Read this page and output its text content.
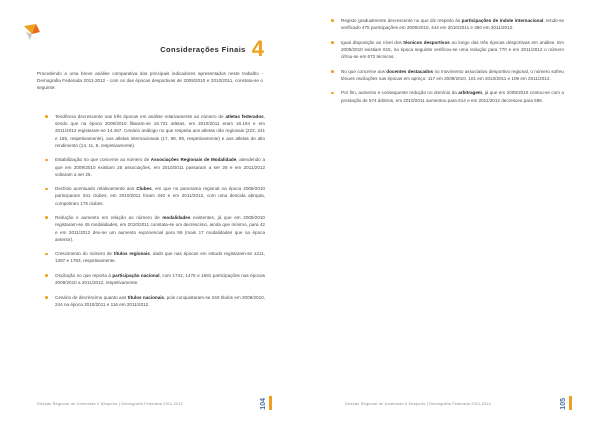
Considerações Finais 4

Procedendo a uma breve análise comparativa dos principais indicadores apresentados neste trabalho - Demografia Federada 2011-2012 - com os das épocas desportivas de 2009/2010 e 2010/2011, constata-se o seguinte:

Tendência decrescente nas três épocas em análise relativamente ao número de atletas federados, sendo que na época 2009/2010 filiaram-se 16.721 atletas, em 2010/2011 eram 16.194 e em 2011/2012 registaram-se 14.457. Cenário análogo no que respeita aos atletas não regionais (222, 241 e 185, respetivamente), aos atletas internacionais (17, 98, 89, respetivamente) e aos atletas de alto rendimento (14, 11, 8, respetivamente).
Estabilização no que concerne ao número de Associações Regionais de Modalidade, atendendo a que em 2009/2010 existiam 25 associações, em 2010/2011 passaram a ser 26 e em 2011/2012 voltaram a ser 25.
Declínio acentuado relativamente aos Clubes, em que no panorama regional na época 2009/2010 participaram 341 clubes, em 2010/2011 foram 340 e em 2011/2012, com uma descida abrupta, competiram 175 clubes.
Redução e aumento em relação ao número de modalidades existentes, já que em 2009/2010 registaram-se 45 modalidades, em 2010/2011 constata-se um decréscimo, ainda que mínimo, para 42 e em 2011/2012 deu-se um aumento exponencial para 59 (mais 17 modalidades que na época anterior).
Crescimento do número de títulos regionais, dado que nas épocas em estudo registaram-se 1211, 1397 e 1793, respetivamente.
Oscilação no que reporta à participação nacional, com 1742, 1476 e 1681 participações nas épocas 2009/2010 a 2011/2012, respetivamente.
Cenário de decréscimo quanto aos títulos nacionais, pois conquistaram-se 240 títulos em 2009/2010, 244 na época 2010/2011 e 116 em 2011/2012.
Direção Regional de Juventude e Desporto | Demografia Federada 2011-2012	104
Registo gradualmente decrescente no que diz respeito às participações de índole internacional, tendo-se verificado 475 participações em 2009/2010, 444 em 2010/2011 e 360 em 2011/2012.
Igual disposição ao nível dos técnicos desportivos ao longo das três épocas desportivas em análise. Em 2009/2010 existiam 815, na época seguinte verificou-se uma redução para 770 e em 2011/2012 o número cifrou-se em 672 técnicos.
No que concerne aos docentes destacados no movimento associativo desportivo regional, o número sofreu ténues oscilações nas épocas em apreço: 117 em 2009/2010, 101 em 2010/2011 e 109 em 2011/2012.
Por fim, aumento e consequente redução no domínio da arbitragem, já que em 2009/2010 contou-se com a prestação de 574 árbitros, em 2010/2011 aumentou para 614 e em 2011/2012 decresceu para 596.
Direção Regional de Juventude e Desporto | Demografia Federada 2011-2012	105
